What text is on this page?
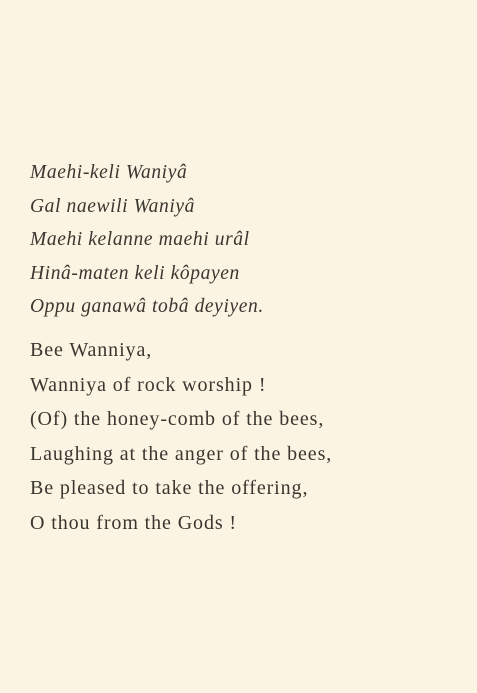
Maehi-keli Waniyâ
Gal naewili Waniyâ
Maehi kelanne maehi urâl
Hinâ-maten keli kôpayen
Oppu ganawâ tobâ deyiyen.
Bee Wanniya,
Wanniya of rock worship !
(Of) the honey-comb of the bees,
Laughing at the anger of the bees,
Be pleased to take the offering,
O thou from the Gods !
